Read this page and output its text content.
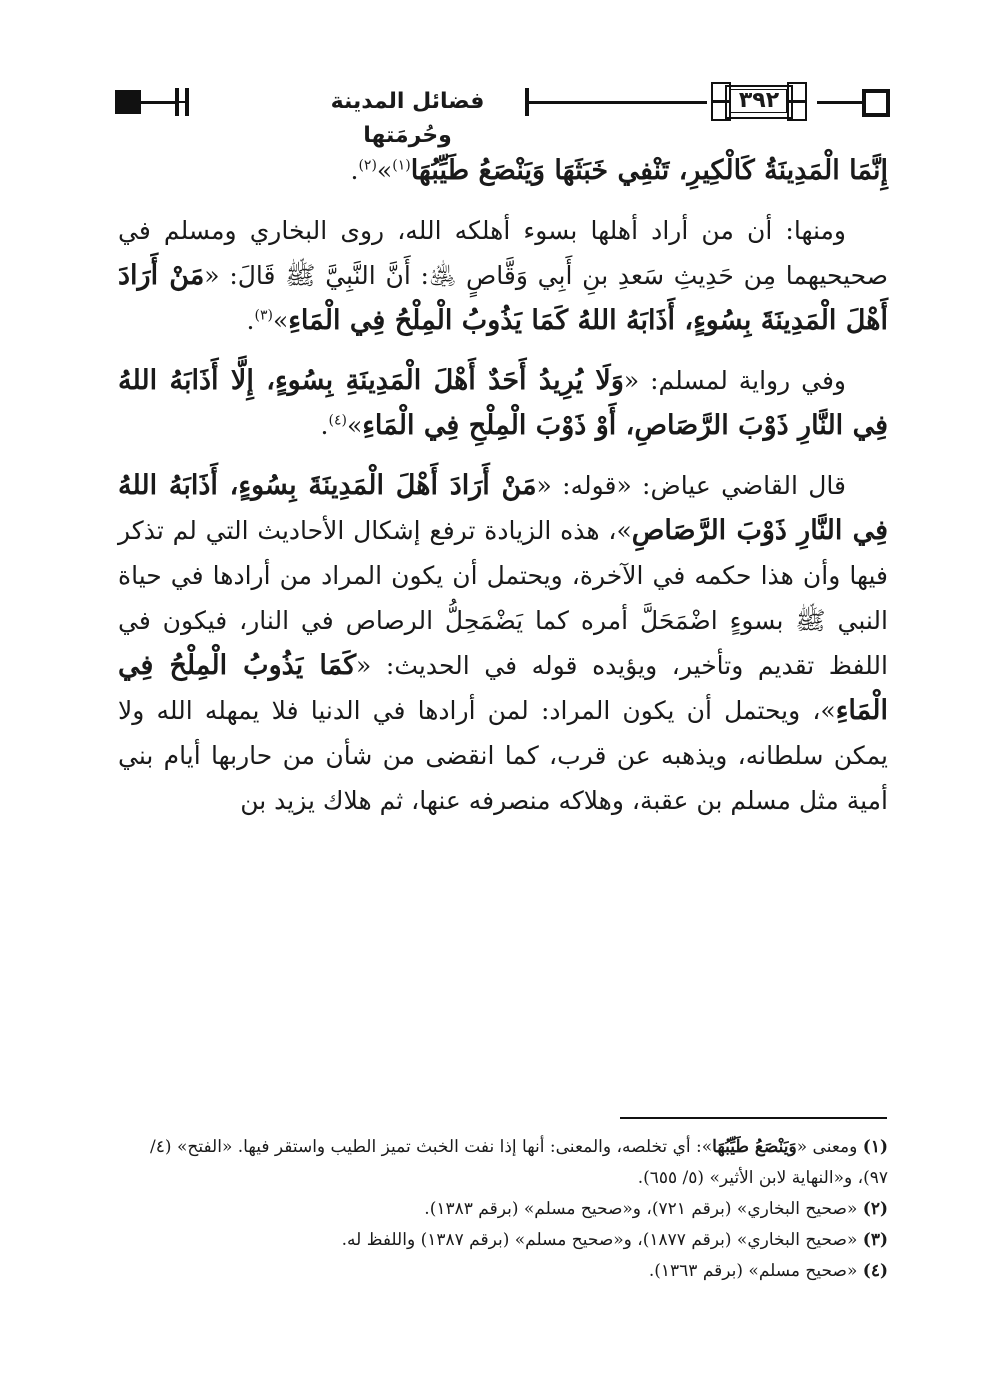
فضائل المدينة وحُرمَتها
٣٩٢

إِنَّمَا الْمَدِينَةُ كَالْكِيرِ، تَنْفِي خَبَثَهَا وَيَنْصَعُ طَيِّبُهَا$^{(١)}$»$^{(٢)}$.

ومنها: أن من أراد أهلها بسوء أهلكه الله، روى البخاري ومسلم في صحيحيهما مِن حَدِيثِ سَعدِ بنِ أَبِي وَقَّاصٍ ﵁: أَنَّ النَّبِيَّ ﷺ قَالَ: «مَنْ أَرَادَ أَهْلَ الْمَدِينَةَ بِسُوءٍ، أَذَابَهُ اللهُ كَمَا يَذُوبُ الْمِلْحُ فِي الْمَاءِ»$^{(٣)}$.

وفي رواية لمسلم: «وَلَا يُرِيدُ أَحَدٌ أَهْلَ الْمَدِينَةِ بِسُوءٍ، إِلَّا أَذَابَهُ اللهُ فِي النَّارِ ذَوْبَ الرَّصَاصِ، أَوْ ذَوْبَ الْمِلْحِ فِي الْمَاءِ»$^{(٤)}$.

قال القاضي عياض: «قوله: «مَنْ أَرَادَ أَهْلَ الْمَدِينَةَ بِسُوءٍ، أَذَابَهُ اللهُ فِي النَّارِ ذَوْبَ الرَّصَاصِ»، هذه الزيادة ترفع إشكال الأحاديث التي لم تذكر فيها وأن هذا حكمه في الآخرة، ويحتمل أن يكون المراد من أرادها في حياة النبي ﷺ بسوءٍ اضْمَحَلَّ أمره كما يَضْمَحِلُّ الرصاص في النار، فيكون في اللفظ تقديم وتأخير، ويؤيده قوله في الحديث: «كَمَا يَذُوبُ الْمِلْحُ فِي الْمَاءِ»، ويحتمل أن يكون المراد: لمن أرادها في الدنيا فلا يمهله الله ولا يمكن سلطانه، ويذهبه عن قرب، كما انقضى من شأن من حاربها أيام بني أمية مثل مسلم بن عقبة، وهلاكه منصرفه عنها، ثم هلاك يزيد بن

(١) ومعنى «وَيَنْصَعُ طَيِّبُهَا»: أي تخلصه، والمعنى: أنها إذا نفت الخبث تميز الطيب واستقر فيها. «الفتح» (٤/ ٩٧)، و«النهاية لابن الأثير» (٥/ ٦٥٥).

(٢) «صحيح البخاري» (برقم ٧٢١)، و«صحيح مسلم» (برقم ١٣٨٣).

(٣) «صحيح البخاري» (برقم ١٨٧٧)، و«صحيح مسلم» (برقم ١٣٨٧) واللفظ له.

(٤) «صحيح مسلم» (برقم ١٣٦٣).
